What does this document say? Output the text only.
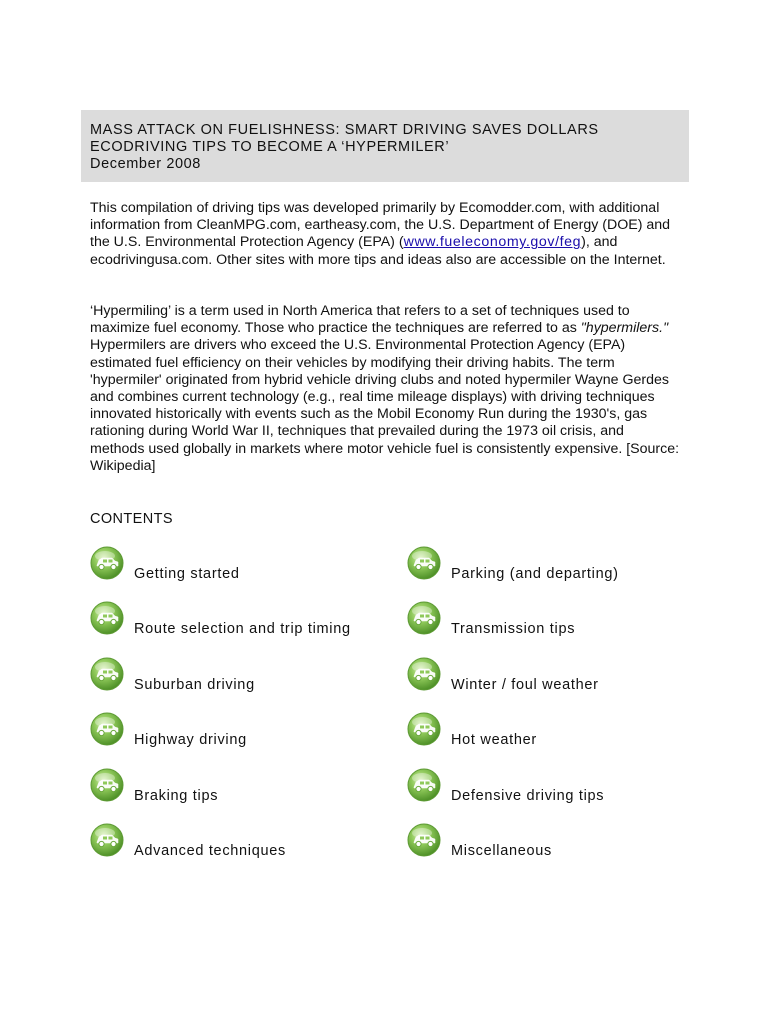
MASS ATTACK ON FUELISHNESS: SMART DRIVING SAVES DOLLARS
ECODRIVING TIPS TO BECOME A ‘HYPERMILER’
December 2008

This compilation of driving tips was developed primarily by Ecomodder.com, with additional information from CleanMPG.com, eartheasy.com, the U.S. Department of Energy (DOE) and the U.S. Environmental Protection Agency (EPA) (www.fueleconomy.gov/feg), and ecodrivingusa.com. Other sites with more tips and ideas also are accessible on the Internet.

‘Hypermiling’ is a term used in North America that refers to a set of techniques used to maximize fuel economy. Those who practice the techniques are referred to as "hypermilers." Hypermilers are drivers who exceed the U.S. Environmental Protection Agency (EPA) estimated fuel efficiency on their vehicles by modifying their driving habits. The term 'hypermiler' originated from hybrid vehicle driving clubs and noted hypermiler Wayne Gerdes and combines current technology (e.g., real time mileage displays) with driving techniques innovated historically with events such as the Mobil Economy Run during the 1930's, gas rationing during World War II, techniques that prevailed during the 1973 oil crisis, and methods used globally in markets where motor vehicle fuel is consistently expensive. [Source: Wikipedia]

CONTENTS
Getting started
Route selection and trip timing
Suburban driving
Highway driving
Braking tips
Advanced techniques
Parking (and departing)
Transmission tips
Winter / foul weather
Hot weather
Defensive driving tips
Miscellaneous
